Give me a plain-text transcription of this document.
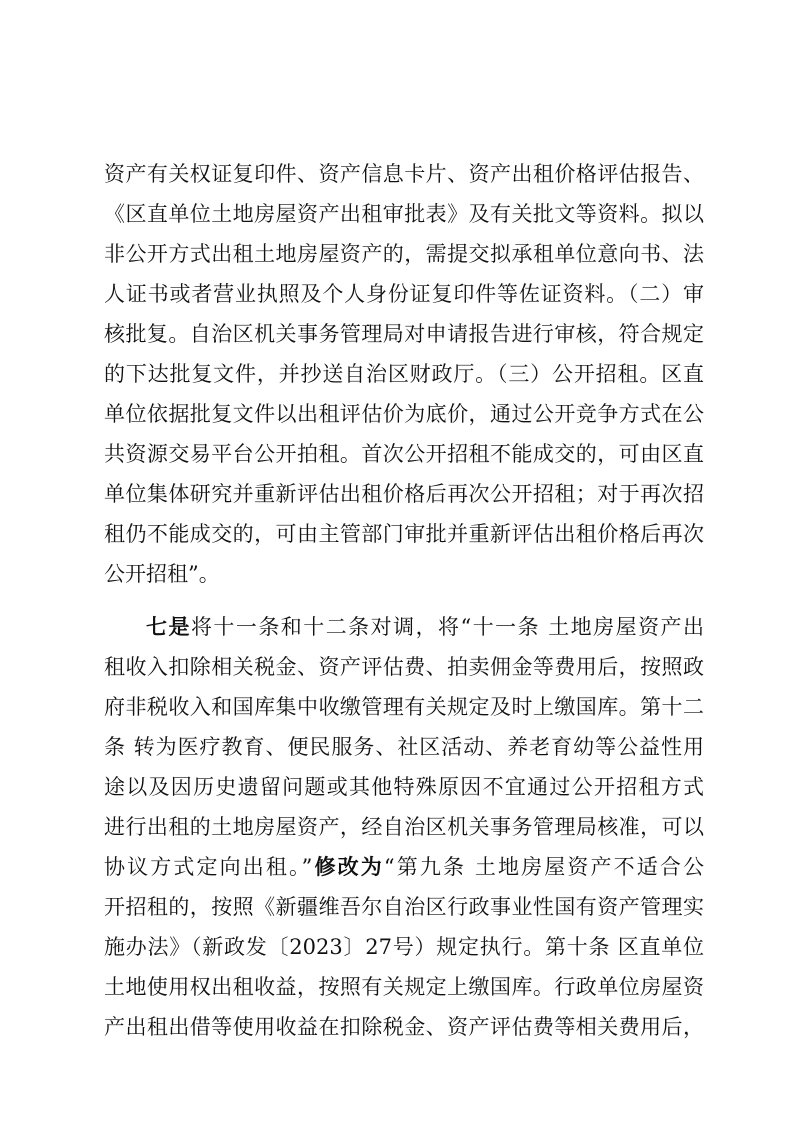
资产有关权证复印件、资产信息卡片、资产出租价格评估报告、
《区直单位土地房屋资产出租审批表》及有关批文等资料。拟以
非公开方式出租土地房屋资产的，需提交拟承租单位意向书、法
人证书或者营业执照及个人身份证复印件等佐证资料。（二）审
核批复。自治区机关事务管理局对申请报告进行审核，符合规定
的下达批复文件，并抄送自治区财政厅。（三）公开招租。区直
单位依据批复文件以出租评估价为底价，通过公开竞争方式在公
共资源交易平台公开拍租。首次公开招租不能成交的，可由区直
单位集体研究并重新评估出租价格后再次公开招租；对于再次招
租仍不能成交的，可由主管部门审批并重新评估出租价格后再次
公开招租”。
七是将十一条和十二条对调，将“十一条 土地房屋资产出
租收入扣除相关税金、资产评估费、拍卖佣金等费用后，按照政
府非税收入和国库集中收缴管理有关规定及时上缴国库。第十二
条 转为医疗教育、便民服务、社区活动、养老育幼等公益性用
途以及因历史遗留问题或其他特殊原因不宜通过公开招租方式
进行出租的土地房屋资产，经自治区机关事务管理局核准，可以
协议方式定向出租。”修改为“第九条 土地房屋资产不适合公
开招租的，按照《新疆维吾尔自治区行政事业性国有资产管理实
施办法》（新政发〔2023〕27号）规定执行。第十条 区直单位
土地使用权出租收益，按照有关规定上缴国库。行政单位房屋资
产出租出借等使用收益在扣除税金、资产评估费等相关费用后，
